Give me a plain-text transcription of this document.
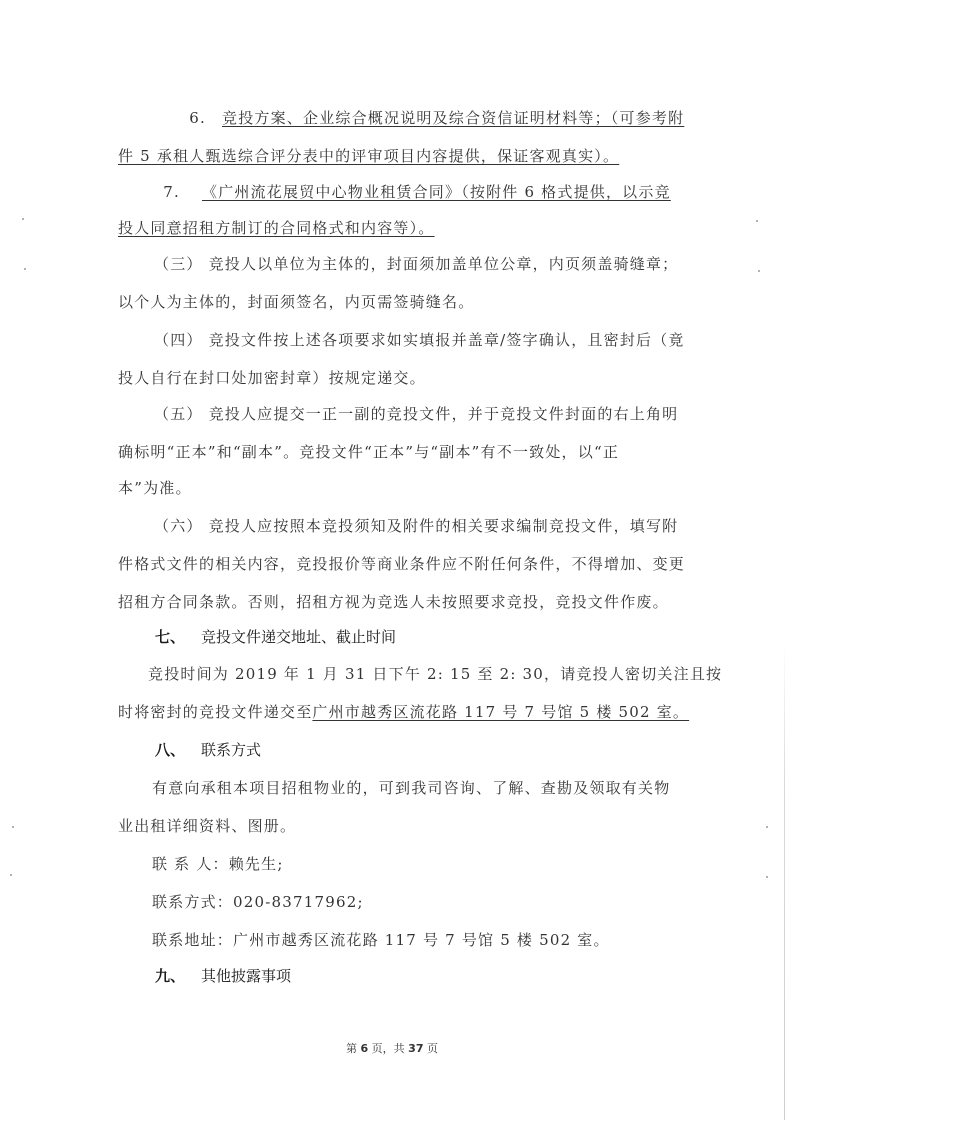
6. 竞投方案、企业综合概况说明及综合资信证明材料等；（可参考附
件 5 承租人甄选综合评分表中的评审项目内容提供，保证客观真实）。
7. 《广州流花展贸中心物业租赁合同》（按附件 6 格式提供，以示竞
投人同意招租方制订的合同格式和内容等）。
（三） 竞投人以单位为主体的，封面须加盖单位公章，内页须盖骑缝章；
以个人为主体的，封面须签名，内页需签骑缝名。
（四） 竞投文件按上述各项要求如实填报并盖章/签字确认，且密封后（竟
投人自行在封口处加密封章）按规定递交。
（五） 竞投人应提交一正一副的竞投文件，并于竞投文件封面的右上角明
确标明“正本”和“副本”。竞投文件“正本”与“副本”有不一致处，以“正
本”为准。
（六） 竞投人应按照本竞投须知及附件的相关要求编制竞投文件，填写附
件格式文件的相关内容，竞投报价等商业条件应不附任何条件，不得增加、变更
招租方合同条款。否则，招租方视为竞选人未按照要求竞投，竞投文件作废。
七、 竞投文件递交地址、截止时间
竞投时间为 2019 年 1 月 31 日下午 2: 15 至 2: 30，请竞投人密切关注且按
时将密封的竞投文件递交至广州市越秀区流花路 117 号 7 号馆 5 楼 502 室。
八、 联系方式
有意向承租本项目招租物业的，可到我司咨询、了解、查勘及领取有关物
业出租详细资料、图册。
联 系 人：赖先生;
联系方式：020-83717962;
联系地址：广州市越秀区流花路 117 号 7 号馆 5 楼 502 室。
九、 其他披露事项
第 6 页，共 37 页
